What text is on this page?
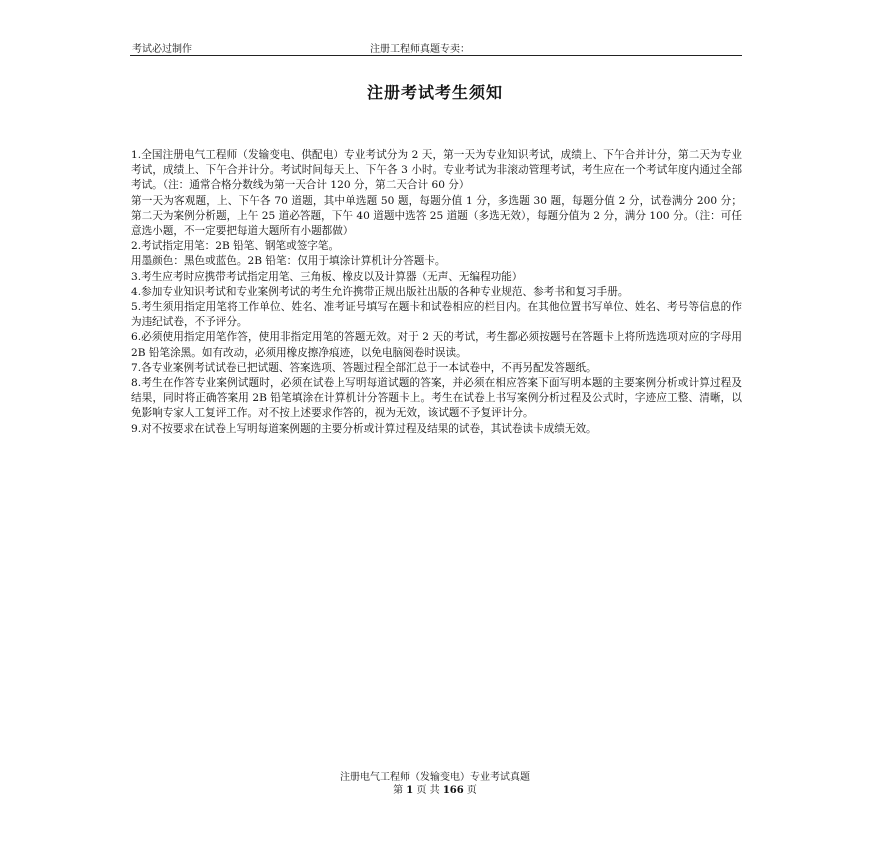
考试必过制作	注册工程师真题专卖：
注册考试考生须知

1.全国注册电气工程师（发输变电、供配电）专业考试分为 2 天，第一天为专业知识考试，成绩上、下午合并计分，第二天为专业考试，成绩上、下午合并计分。考试时间每天上、下午各 3 小时。专业考试为非滚动管理考试，考生应在一个考试年度内通过全部考试。（注：通常合格分数线为第一天合计 120 分，第二天合计 60 分）

第一天为客观题，上、下午各 70 道题，其中单选题 50 题，每题分值 1 分，多选题 30 题，每题分值 2 分，试卷满分 200 分；第二天为案例分析题，上午 25 道必答题，下午 40 道题中选答 25 道题（多选无效），每题分值为 2 分，满分 100 分。（注：可任意选小题，不一定要把每道大题所有小题都做）

2.考试指定用笔：2B 铅笔、钢笔或签字笔。

用墨颜色：黑色或蓝色。2B 铅笔：仅用于填涂计算机计分答题卡。

3.考生应考时应携带考试指定用笔、三角板、橡皮以及计算器（无声、无编程功能）

4.参加专业知识考试和专业案例考试的考生允许携带正规出版社出版的各种专业规范、参考书和复习手册。

5.考生须用指定用笔将工作单位、姓名、准考证号填写在题卡和试卷相应的栏目内。在其他位置书写单位、姓名、考号等信息的作为违纪试卷，不予评分。

6.必须使用指定用笔作答，使用非指定用笔的答题无效。对于 2 天的考试，考生都必须按题号在答题卡上将所选选项对应的字母用 2B 铅笔涂黑。如有改动，必须用橡皮擦净痕迹，以免电脑阅卷时误读。

7.各专业案例考试试卷已把试题、答案选项、答题过程全部汇总于一本试卷中，不再另配发答题纸。

8.考生在作答专业案例试题时，必须在试卷上写明每道试题的答案，并必须在相应答案下面写明本题的主要案例分析或计算过程及结果，同时将正确答案用 2B 铅笔填涂在计算机计分答题卡上。考生在试卷上书写案例分析过程及公式时，字迹应工整、清晰，以免影响专家人工复评工作。对不按上述要求作答的，视为无效，该试题不予复评计分。

9.对不按要求在试卷上写明每道案例题的主要分析或计算过程及结果的试卷，其试卷读卡成绩无效。

注册电气工程师（发输变电）专业考试真题
第 1 页 共 166 页
